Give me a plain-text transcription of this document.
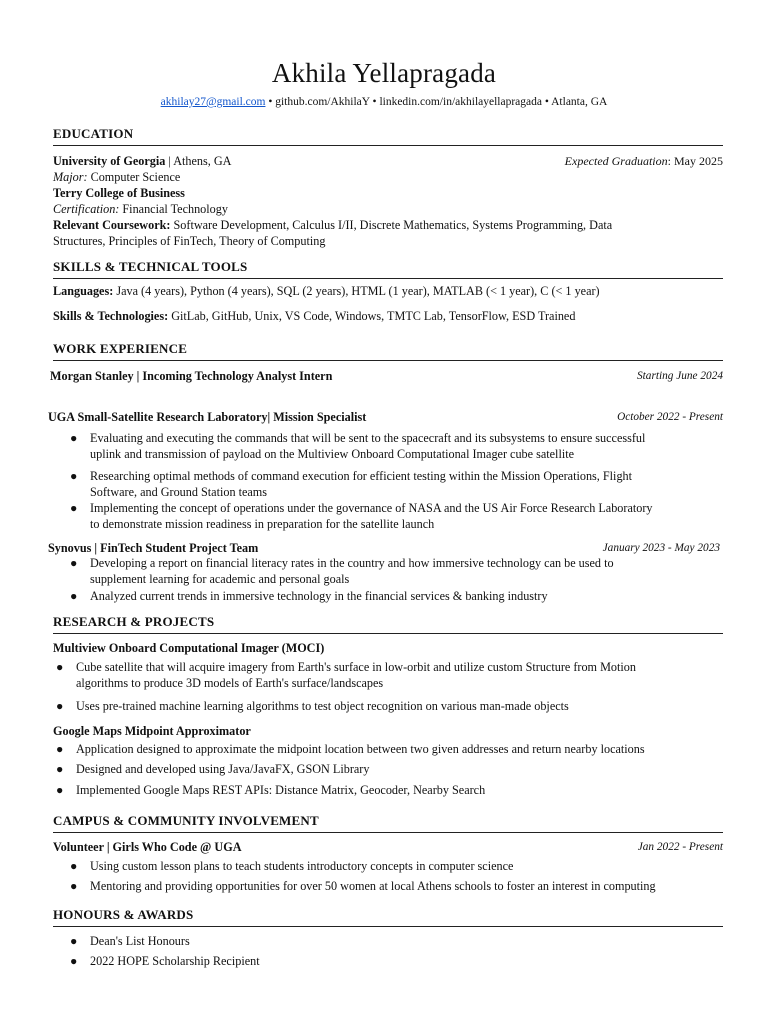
Akhila Yellapragada
akhilay27@gmail.com • github.com/AkhilaY • linkedin.com/in/akhilayellapragada • Atlanta, GA
EDUCATION
University of Georgia | Athens, GA	Expected Graduation: May 2025
Major: Computer Science
Terry College of Business
Certification: Financial Technology
Relevant Coursework: Software Development, Calculus I/II, Discrete Mathematics, Systems Programming, Data
Structures, Principles of FinTech, Theory of Computing
SKILLS & TECHNICAL TOOLS
Languages: Java (4 years), Python (4 years), SQL (2 years), HTML (1 year), MATLAB (< 1 year), C (< 1 year)
Skills & Technologies: GitLab, GitHub, Unix, VS Code, Windows, TMTC Lab, TensorFlow, ESD Trained
WORK EXPERIENCE
Morgan Stanley | Incoming Technology Analyst Intern	Starting June 2024
UGA Small-Satellite Research Laboratory| Mission Specialist	October 2022 - Present
● Evaluating and executing the commands that will be sent to the spacecraft and its subsystems to ensure successful
uplink and transmission of payload on the Multiview Onboard Computational Imager cube satellite
● Researching optimal methods of command execution for efficient testing within the Mission Operations, Flight
Software, and Ground Station teams
● Implementing the concept of operations under the governance of NASA and the US Air Force Research Laboratory
to demonstrate mission readiness in preparation for the satellite launch
Synovus | FinTech Student Project Team	January 2023 - May 2023
● Developing a report on financial literacy rates in the country and how immersive technology can be used to
supplement learning for academic and personal goals
● Analyzed current trends in immersive technology in the financial services & banking industry
RESEARCH & PROJECTS
Multiview Onboard Computational Imager (MOCI)
● Cube satellite that will acquire imagery from Earth's surface in low-orbit and utilize custom Structure from Motion
algorithms to produce 3D models of Earth's surface/landscapes
● Uses pre-trained machine learning algorithms to test object recognition on various man-made objects
Google Maps Midpoint Approximator
● Application designed to approximate the midpoint location between two given addresses and return nearby locations
● Designed and developed using Java/JavaFX, GSON Library
● Implemented Google Maps REST APIs: Distance Matrix, Geocoder, Nearby Search
CAMPUS & COMMUNITY INVOLVEMENT
Volunteer | Girls Who Code @ UGA	Jan 2022 - Present
● Using custom lesson plans to teach students introductory concepts in computer science
● Mentoring and providing opportunities for over 50 women at local Athens schools to foster an interest in computing
HONOURS & AWARDS
● Dean's List Honours
● 2022 HOPE Scholarship Recipient
